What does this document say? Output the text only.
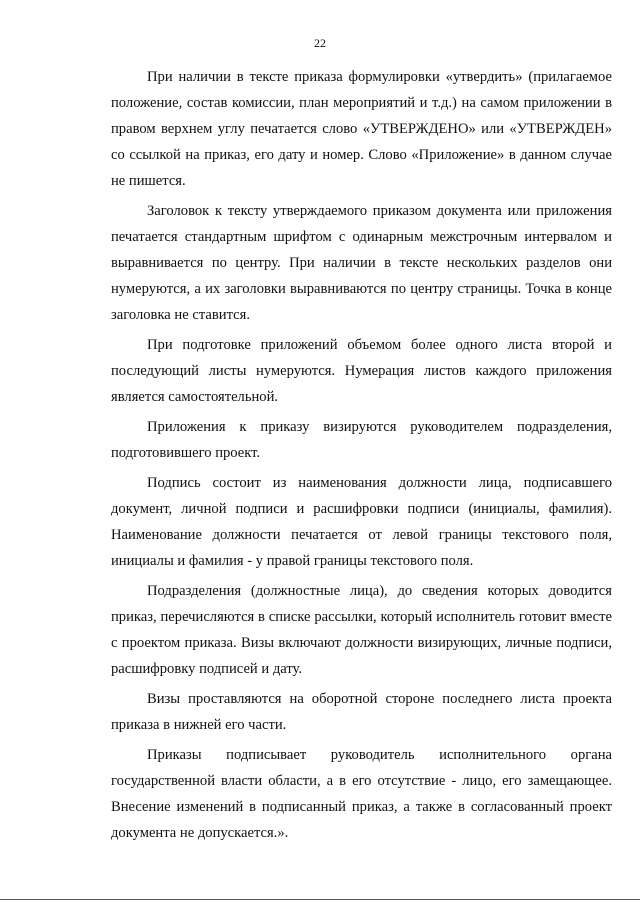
22

При наличии в тексте приказа формулировки «утвердить» (прилагаемое положение, состав комиссии, план мероприятий и т.д.) на самом приложении в правом верхнем углу печатается слово «УТВЕРЖДЕНО» или «УТВЕРЖДЕН» со ссылкой на приказ, его дату и номер. Слово «Приложение» в данном случае не пишется.

Заголовок к тексту утверждаемого приказом документа или приложения печатается стандартным шрифтом с одинарным межстрочным интервалом и выравнивается по центру. При наличии в тексте нескольких разделов они нумеруются, а их заголовки выравниваются по центру страницы. Точка в конце заголовка не ставится.

При подготовке приложений объемом более одного листа второй и последующий листы нумеруются. Нумерация листов каждого приложения является самостоятельной.

Приложения к приказу визируются руководителем подразделения, подготовившего проект.

Подпись состоит из наименования должности лица, подписавшего документ, личной подписи и расшифровки подписи (инициалы, фамилия). Наименование должности печатается от левой границы текстового поля, инициалы и фамилия - у правой границы текстового поля.

Подразделения (должностные лица), до сведения которых доводится приказ, перечисляются в списке рассылки, который исполнитель готовит вместе с проектом приказа. Визы включают должности визирующих, личные подписи, расшифровку подписей и дату.

Визы проставляются на оборотной стороне последнего листа проекта приказа в нижней его части.

Приказы подписывает руководитель исполнительного органа государственной власти области, а в его отсутствие - лицо, его замещающее. Внесение изменений в подписанный приказ, а также в согласованный проект документа не допускается.».
